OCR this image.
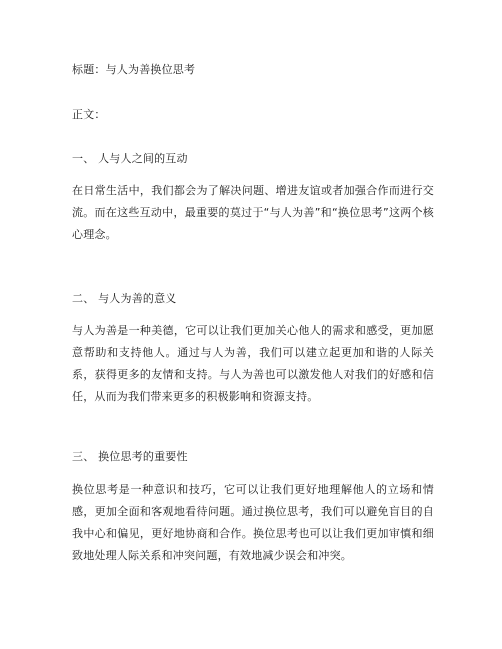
标题：与人为善换位思考
正文：
一、 人与人之间的互动
在日常生活中，我们都会为了解决问题、增进友谊或者加强合作而进行交流。而在这些互动中，最重要的莫过于“与人为善”和“换位思考”这两个核心理念。
二、 与人为善的意义
与人为善是一种美德，它可以让我们更加关心他人的需求和感受，更加愿意帮助和支持他人。通过与人为善，我们可以建立起更加和谐的人际关系，获得更多的友情和支持。与人为善也可以激发他人对我们的好感和信任，从而为我们带来更多的积极影响和资源支持。
三、 换位思考的重要性
换位思考是一种意识和技巧，它可以让我们更好地理解他人的立场和情感，更加全面和客观地看待问题。通过换位思考，我们可以避免盲目的自我中心和偏见，更好地协商和合作。换位思考也可以让我们更加审慎和细致地处理人际关系和冲突问题，有效地减少误会和冲突。
